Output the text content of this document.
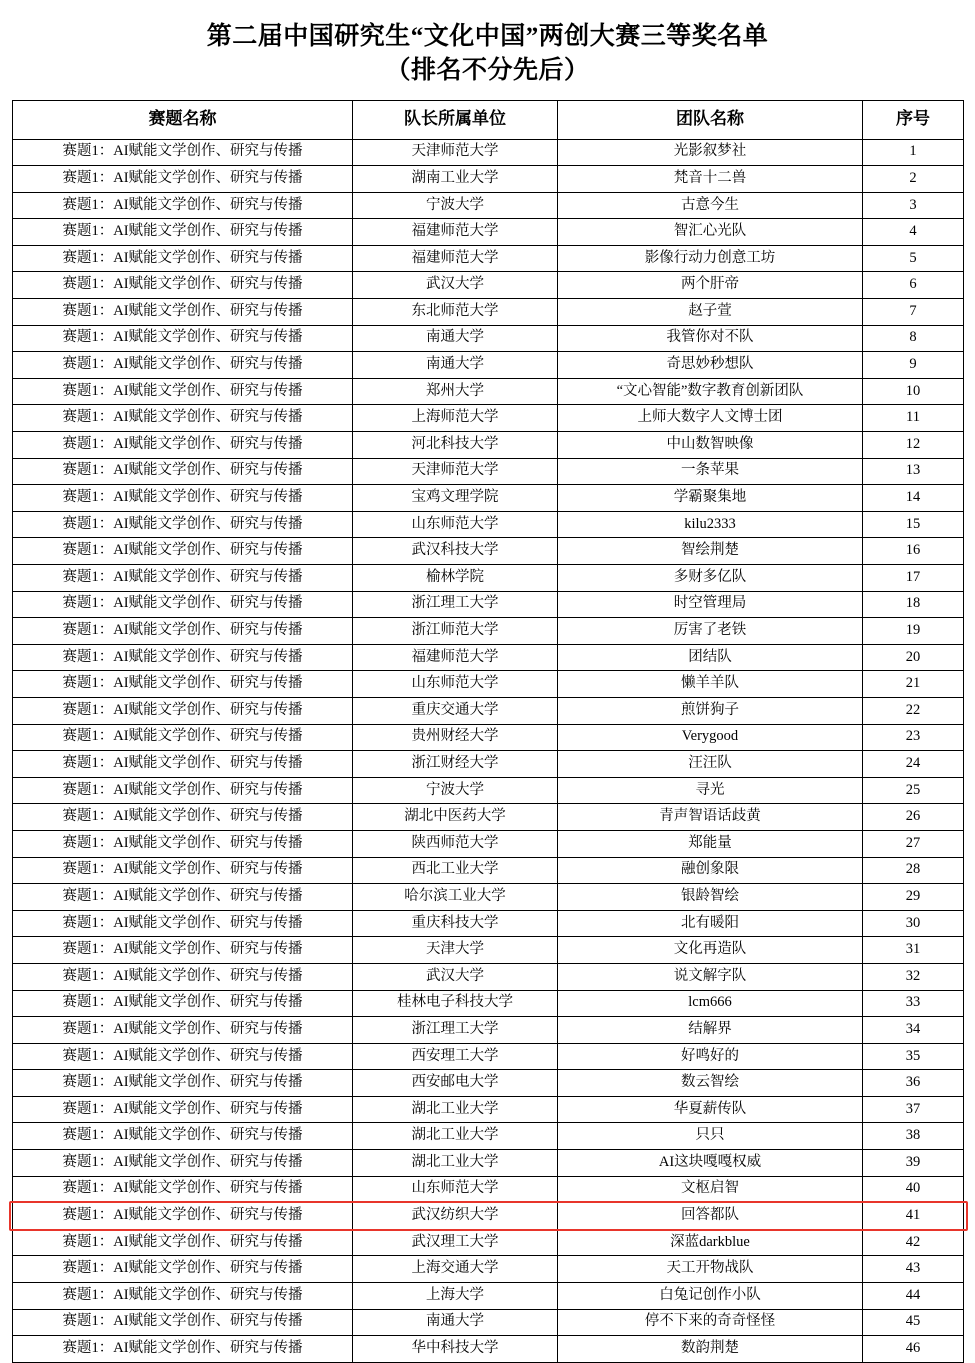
第二届中国研究生“文化中国”两创大赛三等奖名单
（排名不分先后）
赛题名称	队长所属单位	团队名称	序号
赛题1：AI赋能文学创作、研究与传播	天津师范大学	光影叙梦社	1
赛题1：AI赋能文学创作、研究与传播	湖南工业大学	梵音十二兽	2
赛题1：AI赋能文学创作、研究与传播	宁波大学	古意今生	3
赛题1：AI赋能文学创作、研究与传播	福建师范大学	智汇心光队	4
赛题1：AI赋能文学创作、研究与传播	福建师范大学	影像行动力创意工坊	5
赛题1：AI赋能文学创作、研究与传播	武汉大学	两个肝帝	6
赛题1：AI赋能文学创作、研究与传播	东北师范大学	赵子萱	7
赛题1：AI赋能文学创作、研究与传播	南通大学	我管你对不队	8
赛题1：AI赋能文学创作、研究与传播	南通大学	奇思妙秒想队	9
赛题1：AI赋能文学创作、研究与传播	郑州大学	“文心智能”数字教育创新团队	10
赛题1：AI赋能文学创作、研究与传播	上海师范大学	上师大数字人文博士团	11
赛题1：AI赋能文学创作、研究与传播	河北科技大学	中山数智映像	12
赛题1：AI赋能文学创作、研究与传播	天津师范大学	一条苹果	13
赛题1：AI赋能文学创作、研究与传播	宝鸡文理学院	学霸聚集地	14
赛题1：AI赋能文学创作、研究与传播	山东师范大学	kilu2333	15
赛题1：AI赋能文学创作、研究与传播	武汉科技大学	智绘荆楚	16
赛题1：AI赋能文学创作、研究与传播	榆林学院	多财多亿队	17
赛题1：AI赋能文学创作、研究与传播	浙江理工大学	时空管理局	18
赛题1：AI赋能文学创作、研究与传播	浙江师范大学	厉害了老铁	19
赛题1：AI赋能文学创作、研究与传播	福建师范大学	团结队	20
赛题1：AI赋能文学创作、研究与传播	山东师范大学	懒羊羊队	21
赛题1：AI赋能文学创作、研究与传播	重庆交通大学	煎饼狗子	22
赛题1：AI赋能文学创作、研究与传播	贵州财经大学	Verygood	23
赛题1：AI赋能文学创作、研究与传播	浙江财经大学	汪汪队	24
赛题1：AI赋能文学创作、研究与传播	宁波大学	寻光	25
赛题1：AI赋能文学创作、研究与传播	湖北中医药大学	青声智语话歧黄	26
赛题1：AI赋能文学创作、研究与传播	陕西师范大学	郑能量	27
赛题1：AI赋能文学创作、研究与传播	西北工业大学	融创象限	28
赛题1：AI赋能文学创作、研究与传播	哈尔滨工业大学	银龄智绘	29
赛题1：AI赋能文学创作、研究与传播	重庆科技大学	北有暖阳	30
赛题1：AI赋能文学创作、研究与传播	天津大学	文化再造队	31
赛题1：AI赋能文学创作、研究与传播	武汉大学	说文解字队	32
赛题1：AI赋能文学创作、研究与传播	桂林电子科技大学	lcm666	33
赛题1：AI赋能文学创作、研究与传播	浙江理工大学	结解界	34
赛题1：AI赋能文学创作、研究与传播	西安理工大学	好鸣好的	35
赛题1：AI赋能文学创作、研究与传播	西安邮电大学	数云智绘	36
赛题1：AI赋能文学创作、研究与传播	湖北工业大学	华夏薪传队	37
赛题1：AI赋能文学创作、研究与传播	湖北工业大学	只只	38
赛题1：AI赋能文学创作、研究与传播	湖北工业大学	AI这块嘎嘎权威	39
赛题1：AI赋能文学创作、研究与传播	山东师范大学	文枢启智	40
赛题1：AI赋能文学创作、研究与传播	武汉纺织大学	回答都队	41
赛题1：AI赋能文学创作、研究与传播	武汉理工大学	深蓝darkblue	42
赛题1：AI赋能文学创作、研究与传播	上海交通大学	天工开物战队	43
赛题1：AI赋能文学创作、研究与传播	上海大学	白兔记创作小队	44
赛题1：AI赋能文学创作、研究与传播	南通大学	停不下来的奇奇怪怪	45
赛题1：AI赋能文学创作、研究与传播	华中科技大学	数韵荆楚	46
